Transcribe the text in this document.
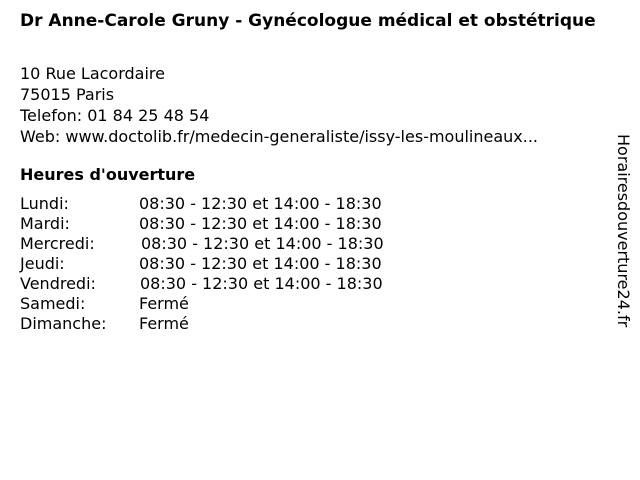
Dr Anne-Carole Gruny - Gynécologue médical et obstétrique
10 Rue Lacordaire
75015 Paris
Telefon: 01 84 25 48 54
Web: www.doctolib.fr/medecin-generaliste/issy-les-moulineaux...
Heures d'ouverture
Lundi:	08:30 - 12:30 et 14:00 - 18:30
Mardi:	08:30 - 12:30 et 14:00 - 18:30
Mercredi:	08:30 - 12:30 et 14:00 - 18:30
Jeudi:	08:30 - 12:30 et 14:00 - 18:30
Vendredi:	08:30 - 12:30 et 14:00 - 18:30
Samedi:	Fermé
Dimanche: Fermé	Horairesdouverture24.fr
